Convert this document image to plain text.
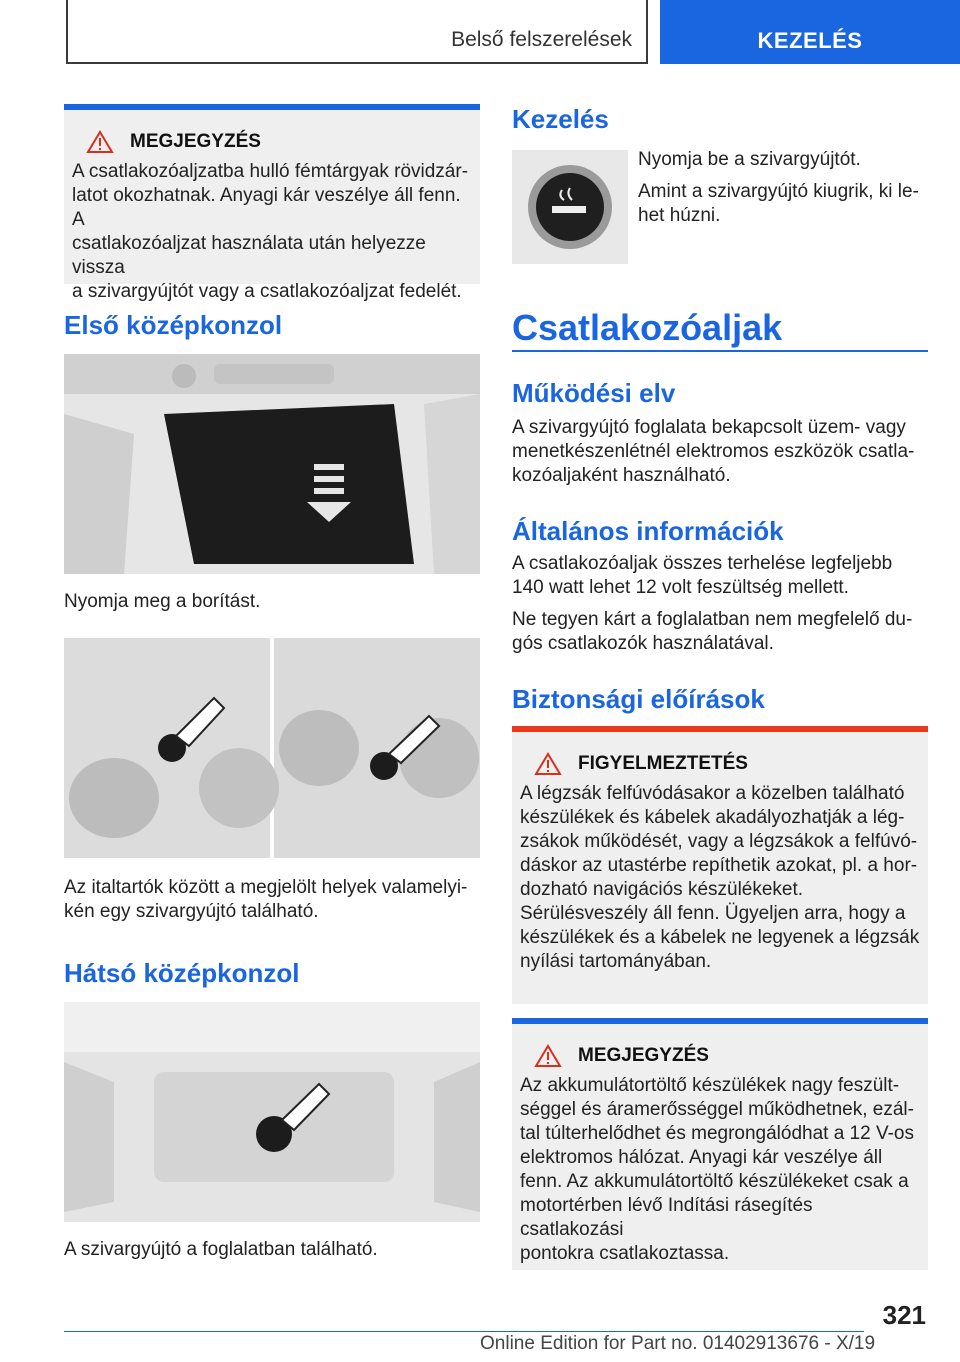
Belső felszerelések	KEZELÉS
MEGJEGYZÉS

A csatlakozóaljzatba hulló fémtárgyak rövidzár-

latot okozhatnak. Anyagi kár veszélye áll fenn. A

csatlakozóaljzat használata után helyezze vissza

a szivargyújtót vagy a csatlakozóaljzat fedelét.

Első középkonzol

Nyomja meg a borítást.

Az italtartók között a megjelölt helyek valamelyi-

kén egy szivargyújtó található.

Hátsó középkonzol

A szivargyújtó a foglalatban található.

Kezelés

Nyomja be a szivargyújtót.

Amint a szivargyújtó kiugrik, ki le-

het húzni.

Csatlakozóaljak
Működési elv

A szivargyújtó foglalata bekapcsolt üzem- vagy

menetkészenlétnél elektromos eszközök csatla-

kozóaljaként használható.

Általános információk

A csatlakozóaljak összes terhelése legfeljebb

140 watt lehet 12 volt feszültség mellett.

Ne tegyen kárt a foglalatban nem megfelelő du-

gós csatlakozók használatával.

Biztonsági előírások
FIGYELMEZTETÉS

A légzsák felfúvódásakor a közelben található

készülékek és kábelek akadályozhatják a lég-

zsákok működését, vagy a légzsákok a felfúvó-

dáskor az utastérbe repíthetik azokat, pl. a hor-

dozható navigációs készülékeket.

Sérülésveszély áll fenn. Ügyeljen arra, hogy a

készülékek és a kábelek ne legyenek a légzsák

nyílási tartományában.

MEGJEGYZÉS

Az akkumulátortöltő készülékek nagy feszült-

séggel és áramerősséggel működhetnek, ezál-

tal túlterhelődhet és megrongálódhat a 12 V-os

elektromos hálózat. Anyagi kár veszélye áll

fenn. Az akkumulátortöltő készülékeket csak a

motortérben lévő Indítási rásegítés csatlakozási

pontokra csatlakoztassa.

321
Online Edition for Part no. 01402913676 - X/19
